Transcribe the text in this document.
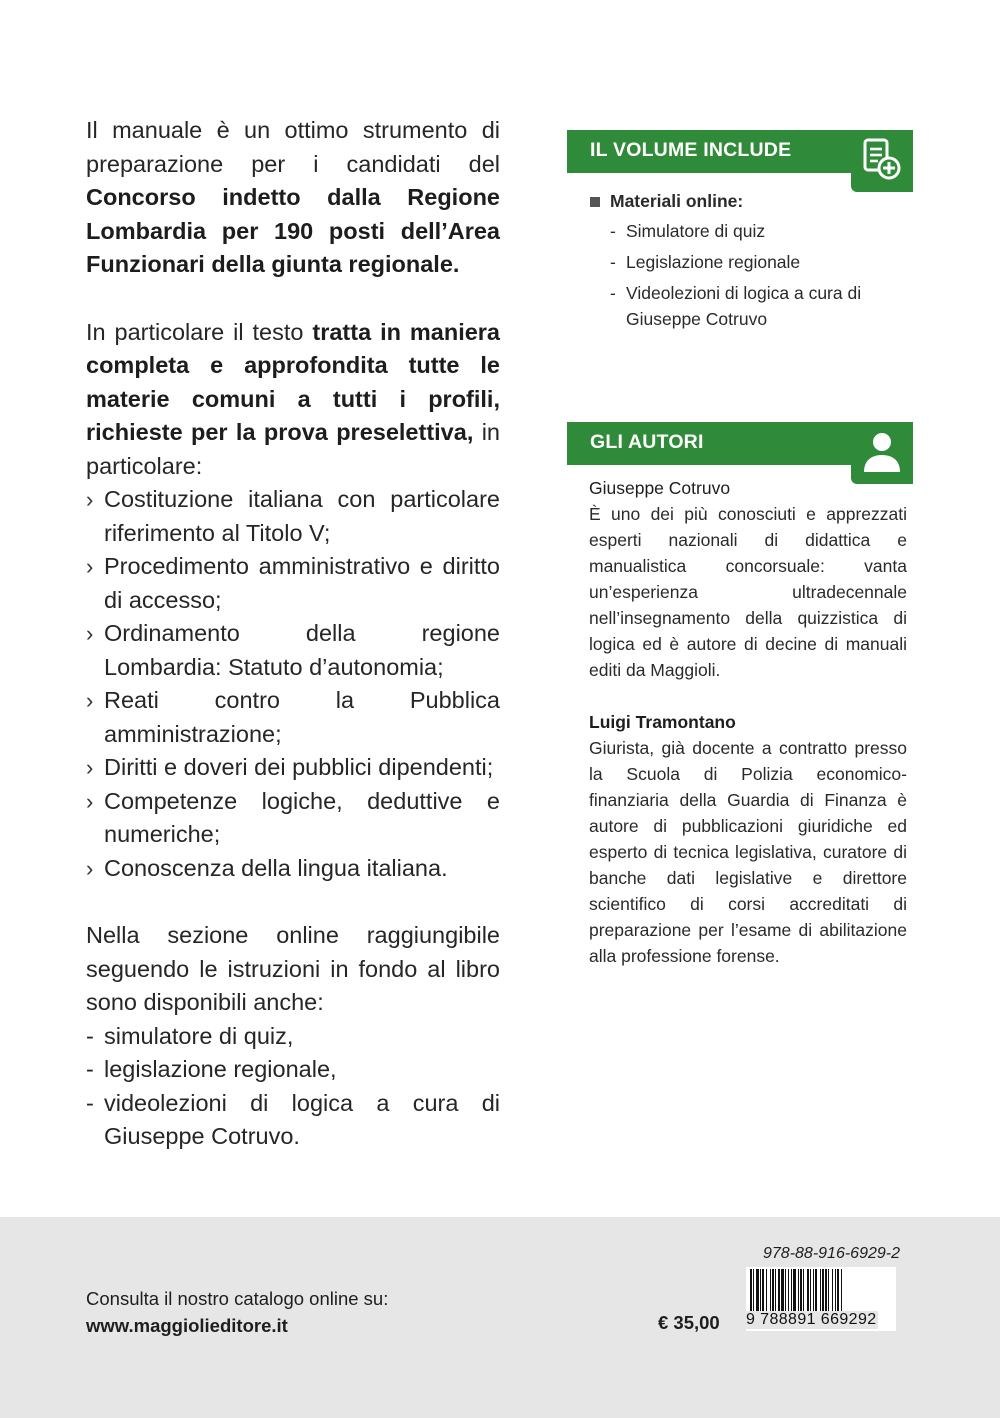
Il manuale è un ottimo strumento di preparazione per i candidati del Concorso indetto dalla Regione Lombardia per 190 posti dell’Area Funzionari della giunta regionale.

In particolare il testo tratta in maniera completa e approfondita tutte le materie comuni a tutti i profili, richieste per la prova preselettiva, in particolare:

› Costituzione italiana con particolare riferimento al Titolo V;
› Procedimento amministrativo e diritto di accesso;
› Ordinamento della regione Lombardia: Statuto d’autonomia;
› Reati contro la Pubblica amministrazione;
› Diritti e doveri dei pubblici dipendenti;
› Competenze logiche, deduttive e numeriche;
› Conoscenza della lingua italiana.

Nella sezione online raggiungibile seguendo le istruzioni in fondo al libro sono disponibili anche:

- simulatore di quiz,
- legislazione regionale,
- videolezioni di logica a cura di Giuseppe Cotruvo.
IL VOLUME INCLUDE
Materiali online:
- Simulatore di quiz
- Legislazione regionale
- Videolezioni di logica a cura di Giuseppe Cotruvo
GLI AUTORI

Giuseppe Cotruvo

È uno dei più conosciuti e apprezzati esperti nazionali di didattica e manualistica concorsuale: vanta un’esperienza ultradecennale nell’insegnamento della quizzistica di logica ed è autore di decine di manuali editi da Maggioli.

Luigi Tramontano

Giurista, già docente a contratto presso la Scuola di Polizia economico-finanziaria della Guardia di Finanza è autore di pubblicazioni giuridiche ed esperto di tecnica legislativa, curatore di banche dati legislative e direttore scientifico di corsi accreditati di preparazione per l’esame di abilitazione alla professione forense.

Consulta il nostro catalogo online su:
www.maggiolieditore.it	€ 35,00
978-88-916-6929-2
9 788891 669292
